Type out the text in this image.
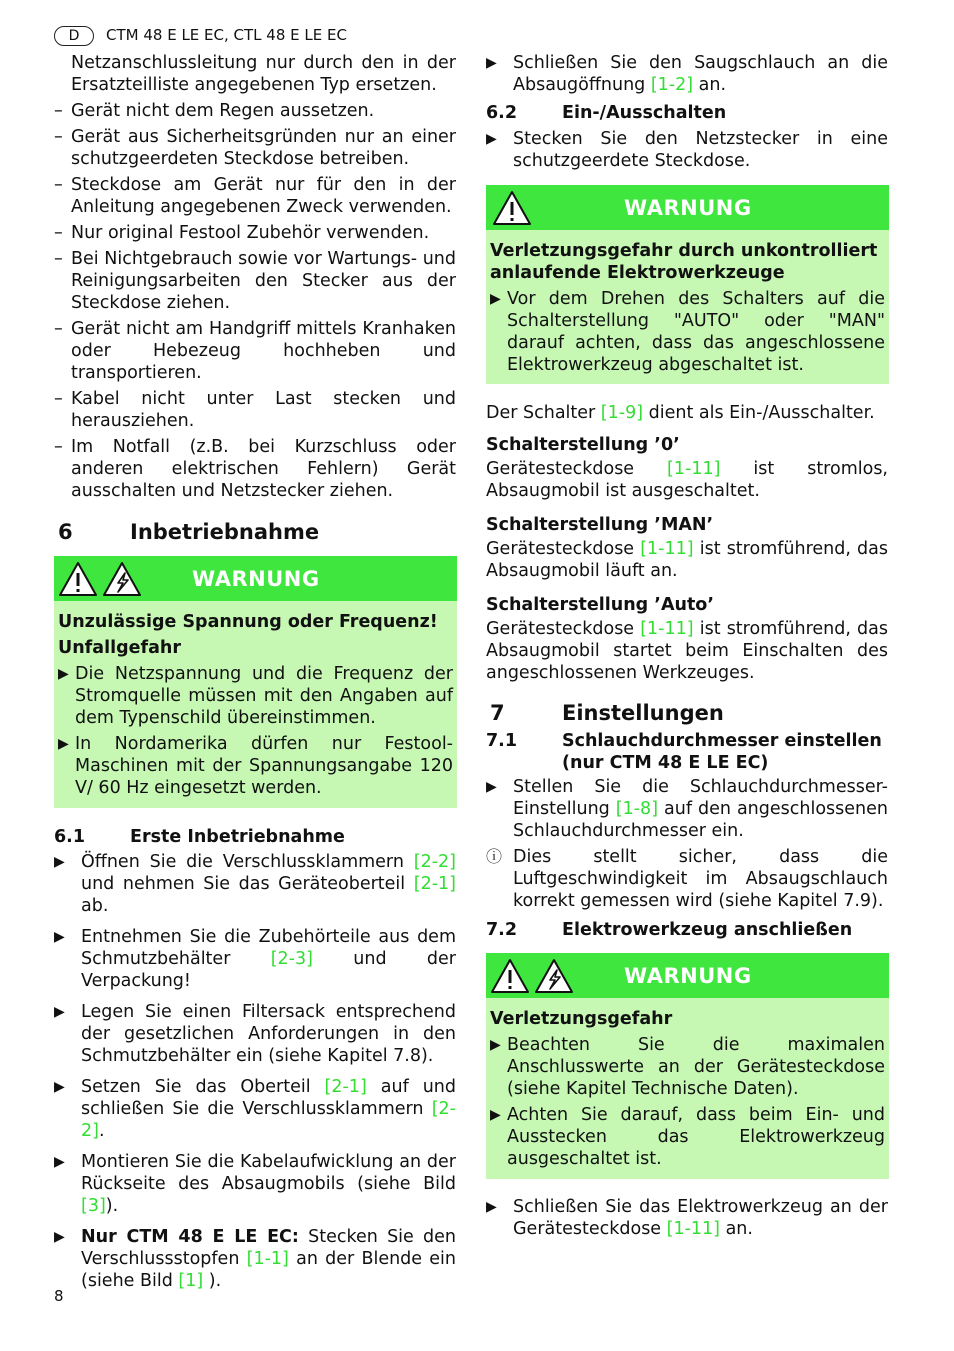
D	CTM 48 E LE EC, CTL 48 E LE EC

Netzanschlussleitung nur durch den in der Ersatzteilliste angegebenen Typ ersetzen.

– Gerät nicht dem Regen aussetzen.
– Gerät aus Sicherheitsgründen nur an einer schutzgeerdeten Steckdose betreiben.
– Steckdose am Gerät nur für den in der Anleitung angegebenen Zweck verwenden.
– Nur original Festool Zubehör verwenden.
– Bei Nichtgebrauch sowie vor Wartungs- und Reinigungsarbeiten den Stecker aus der Steckdose ziehen.
– Gerät nicht am Handgriff mittels Kranhaken oder Hebezeug hochheben und transportieren.
– Kabel nicht unter Last stecken und herausziehen.
– Im Notfall (z.B. bei Kurzschluss oder anderen elektrischen Fehlern) Gerät ausschalten und Netzstecker ziehen.
6	Inbetriebnahme
WARNUNG
Unzulässige Spannung oder Frequenz!
Unfallgefahr
▶ Die Netzspannung und die Frequenz der Stromquelle müssen mit den Angaben auf dem Typenschild übereinstimmen.
▶ In Nordamerika dürfen nur Festool-Maschinen mit der Spannungsangabe 120 V/ 60 Hz eingesetzt werden.
6.1	Erste Inbetriebnahme
▶ Öffnen Sie die Verschlussklammern [2-2] und nehmen Sie das Geräteoberteil [2-1] ab.
▶ Entnehmen Sie die Zubehörteile aus dem Schmutzbehälter [2-3] und der Verpackung!
▶ Legen Sie einen Filtersack entsprechend der gesetzlichen Anforderungen in den Schmutzbehälter ein (siehe Kapitel 7.8).
▶ Setzen Sie das Oberteil [2-1] auf und schließen Sie die Verschlussklammern [2-2].
▶ Montieren Sie die Kabelaufwicklung an der Rückseite des Absaugmobils (siehe Bild [3]).
▶ Nur CTM 48 E LE EC: Stecken Sie den Verschlussstopfen [1-1] an der Blende ein (siehe Bild [1] ).
▶ Schließen Sie den Saugschlauch an die Absaugöffnung [1-2] an.
6.2	Ein-/Ausschalten
▶ Stecken Sie den Netzstecker in eine schutzgeerdete Steckdose.
WARNUNG
Verletzungsgefahr durch unkontrolliert anlaufende Elektrowerkzeuge
▶ Vor dem Drehen des Schalters auf die Schalterstellung "AUTO" oder "MAN" darauf achten, dass das angeschlossene Elektrowerkzeug abgeschaltet ist.

Der Schalter [1-9] dient als Ein-/Ausschalter.

Schalterstellung ’0’

Gerätesteckdose [1-11] ist stromlos, Absaugmobil ist ausgeschaltet.

Schalterstellung ’MAN’

Gerätesteckdose [1-11] ist stromführend, das Absaugmobil läuft an.

Schalterstellung ’Auto’

Gerätesteckdose [1-11] ist stromführend, das Absaugmobil startet beim Einschalten des angeschlossenen Werkzeuges.

7	Einstellungen
7.1	Schlauchdurchmesser einstellen
(nur CTM 48 E LE EC)
▶ Stellen Sie die Schlauchdurchmesser-Einstellung [1-8] auf den angeschlossenen Schlauchdurchmesser ein.
ⓘ Dies stellt sicher, dass die Luftgeschwindigkeit im Absaugschlauch korrekt gemessen wird (siehe Kapitel 7.9).
7.2	Elektrowerkzeug anschließen
WARNUNG
Verletzungsgefahr
▶ Beachten Sie die maximalen Anschlusswerte an der Gerätesteckdose (siehe Kapitel Technische Daten).
▶ Achten Sie darauf, dass beim Ein- und Ausstecken das Elektrowerkzeug ausgeschaltet ist.
▶ Schließen Sie das Elektrowerkzeug an der Gerätesteckdose [1-11] an.
8
